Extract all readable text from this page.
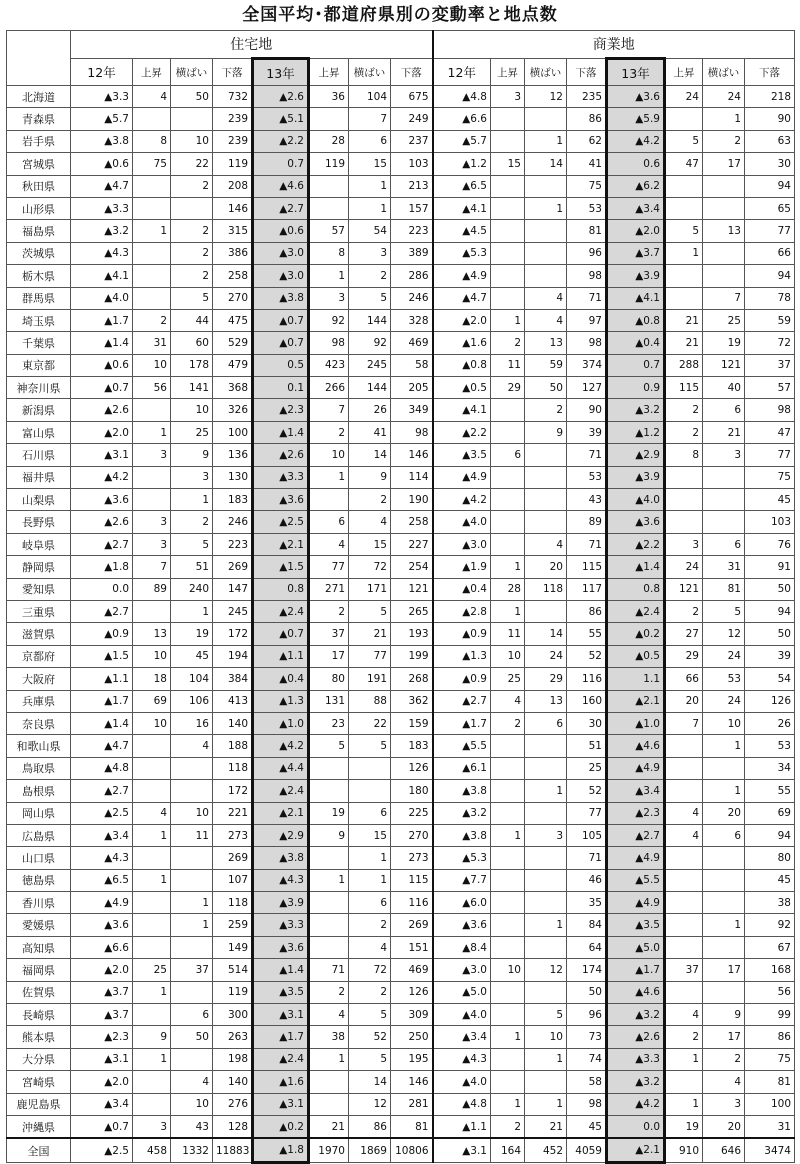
全国平均･都道府県別の変動率と地点数
	住宅地								商業地							
	12年	上昇	横ばい	下落	13年	上昇	横ばい	下落	12年	上昇	横ばい	下落	13年	上昇	横ばい	下落
北海道	▲3.3	4	50	732	▲2.6	36	104	675	▲4.8	3	12	235	▲3.6	24	24	218
青森県	▲5.7			239	▲5.1		7	249	▲6.6			86	▲5.9		1	90
岩手県	▲3.8	8	10	239	▲2.2	28	6	237	▲5.7		1	62	▲4.2	5	2	63
宮城県	▲0.6	75	22	119	0.7	119	15	103	▲1.2	15	14	41	0.6	47	17	30
秋田県	▲4.7		2	208	▲4.6		1	213	▲6.5			75	▲6.2			94
山形県	▲3.3			146	▲2.7		1	157	▲4.1		1	53	▲3.4			65
福島県	▲3.2	1	2	315	▲0.6	57	54	223	▲4.5			81	▲2.0	5	13	77
茨城県	▲4.3		2	386	▲3.0	8	3	389	▲5.3			96	▲3.7	1		66
栃木県	▲4.1		2	258	▲3.0	1	2	286	▲4.9			98	▲3.9			94
群馬県	▲4.0		5	270	▲3.8	3	5	246	▲4.7		4	71	▲4.1		7	78
埼玉県	▲1.7	2	44	475	▲0.7	92	144	328	▲2.0	1	4	97	▲0.8	21	25	59
千葉県	▲1.4	31	60	529	▲0.7	98	92	469	▲1.6	2	13	98	▲0.4	21	19	72
東京都	▲0.6	10	178	479	0.5	423	245	58	▲0.8	11	59	374	0.7	288	121	37
神奈川県	▲0.7	56	141	368	0.1	266	144	205	▲0.5	29	50	127	0.9	115	40	57
新潟県	▲2.6		10	326	▲2.3	7	26	349	▲4.1		2	90	▲3.2	2	6	98
富山県	▲2.0	1	25	100	▲1.4	2	41	98	▲2.2		9	39	▲1.2	2	21	47
石川県	▲3.1	3	9	136	▲2.6	10	14	146	▲3.5	6		71	▲2.9	8	3	77
福井県	▲4.2		3	130	▲3.3	1	9	114	▲4.9			53	▲3.9			75
山梨県	▲3.6		1	183	▲3.6		2	190	▲4.2			43	▲4.0			45
長野県	▲2.6	3	2	246	▲2.5	6	4	258	▲4.0			89	▲3.6			103
岐阜県	▲2.7	3	5	223	▲2.1	4	15	227	▲3.0		4	71	▲2.2	3	6	76
静岡県	▲1.8	7	51	269	▲1.5	77	72	254	▲1.9	1	20	115	▲1.4	24	31	91
愛知県	0.0	89	240	147	0.8	271	171	121	▲0.4	28	118	117	0.8	121	81	50
三重県	▲2.7		1	245	▲2.4	2	5	265	▲2.8	1		86	▲2.4	2	5	94
滋賀県	▲0.9	13	19	172	▲0.7	37	21	193	▲0.9	11	14	55	▲0.2	27	12	50
京都府	▲1.5	10	45	194	▲1.1	17	77	199	▲1.3	10	24	52	▲0.5	29	24	39
大阪府	▲1.1	18	104	384	▲0.4	80	191	268	▲0.9	25	29	116	1.1	66	53	54
兵庫県	▲1.7	69	106	413	▲1.3	131	88	362	▲2.7	4	13	160	▲2.1	20	24	126
奈良県	▲1.4	10	16	140	▲1.0	23	22	159	▲1.7	2	6	30	▲1.0	7	10	26
和歌山県	▲4.7		4	188	▲4.2	5	5	183	▲5.5			51	▲4.6		1	53
鳥取県	▲4.8			118	▲4.4			126	▲6.1			25	▲4.9			34
島根県	▲2.7			172	▲2.4			180	▲3.8		1	52	▲3.4		1	55
岡山県	▲2.5	4	10	221	▲2.1	19	6	225	▲3.2			77	▲2.3	4	20	69
広島県	▲3.4	1	11	273	▲2.9	9	15	270	▲3.8	1	3	105	▲2.7	4	6	94
山口県	▲4.3			269	▲3.8		1	273	▲5.3			71	▲4.9			80
徳島県	▲6.5	1		107	▲4.3	1	1	115	▲7.7			46	▲5.5			45
香川県	▲4.9		1	118	▲3.9		6	116	▲6.0			35	▲4.9			38
愛媛県	▲3.6		1	259	▲3.3		2	269	▲3.6		1	84	▲3.5		1	92
高知県	▲6.6			149	▲3.6		4	151	▲8.4			64	▲5.0			67
福岡県	▲2.0	25	37	514	▲1.4	71	72	469	▲3.0	10	12	174	▲1.7	37	17	168
佐賀県	▲3.7	1		119	▲3.5	2	2	126	▲5.0			50	▲4.6			56
長崎県	▲3.7		6	300	▲3.1	4	5	309	▲4.0		5	96	▲3.2	4	9	99
熊本県	▲2.3	9	50	263	▲1.7	38	52	250	▲3.4	1	10	73	▲2.6	2	17	86
大分県	▲3.1	1		198	▲2.4	1	5	195	▲4.3		1	74	▲3.3	1	2	75
宮崎県	▲2.0		4	140	▲1.6		14	146	▲4.0			58	▲3.2		4	81
鹿児島県	▲3.4		10	276	▲3.1		12	281	▲4.8	1	1	98	▲4.2	1	3	100
沖縄県	▲0.7	3	43	128	▲0.2	21	86	81	▲1.1	2	21	45	0.0	19	20	31
全国	▲2.5	458	1332	11883	▲1.8	1970	1869	10806	▲3.1	164	452	4059	▲2.1	910	646	3474
